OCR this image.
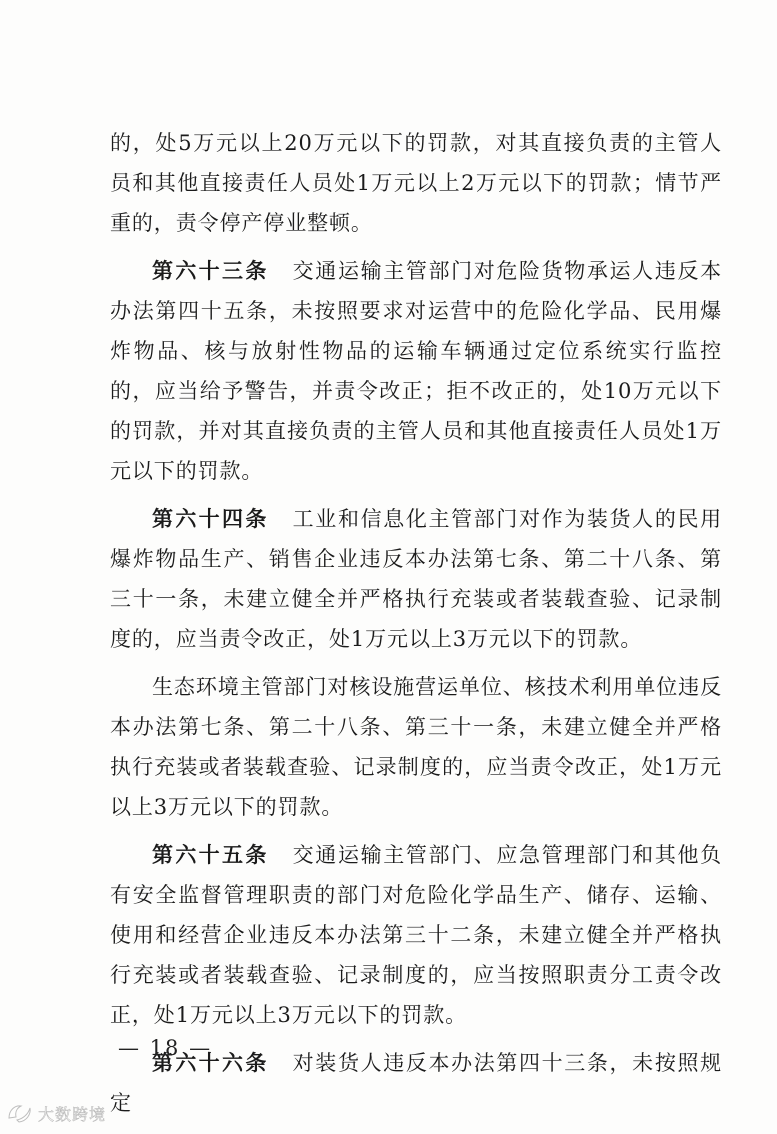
的，处5万元以上20万元以下的罚款，对其直接负责的主管人员和其他直接责任人员处1万元以上2万元以下的罚款；情节严重的，责令停产停业整顿。

第六十三条 交通运输主管部门对危险货物承运人违反本办法第四十五条，未按照要求对运营中的危险化学品、民用爆炸物品、核与放射性物品的运输车辆通过定位系统实行监控的，应当给予警告，并责令改正；拒不改正的，处10万元以下的罚款，并对其直接负责的主管人员和其他直接责任人员处1万元以下的罚款。

第六十四条 工业和信息化主管部门对作为装货人的民用爆炸物品生产、销售企业违反本办法第七条、第二十八条、第三十一条，未建立健全并严格执行充装或者装载查验、记录制度的，应当责令改正，处1万元以上3万元以下的罚款。

生态环境主管部门对核设施营运单位、核技术利用单位违反本办法第七条、第二十八条、第三十一条，未建立健全并严格执行充装或者装载查验、记录制度的，应当责令改正，处1万元以上3万元以下的罚款。

第六十五条 交通运输主管部门、应急管理部门和其他负有安全监督管理职责的部门对危险化学品生产、储存、运输、使用和经营企业违反本办法第三十二条，未建立健全并严格执行充装或者装载查验、记录制度的，应当按照职责分工责令改正，处1万元以上3万元以下的罚款。

第六十六条 对装货人违反本办法第四十三条，未按照规定

— 18 —
大数跨境
